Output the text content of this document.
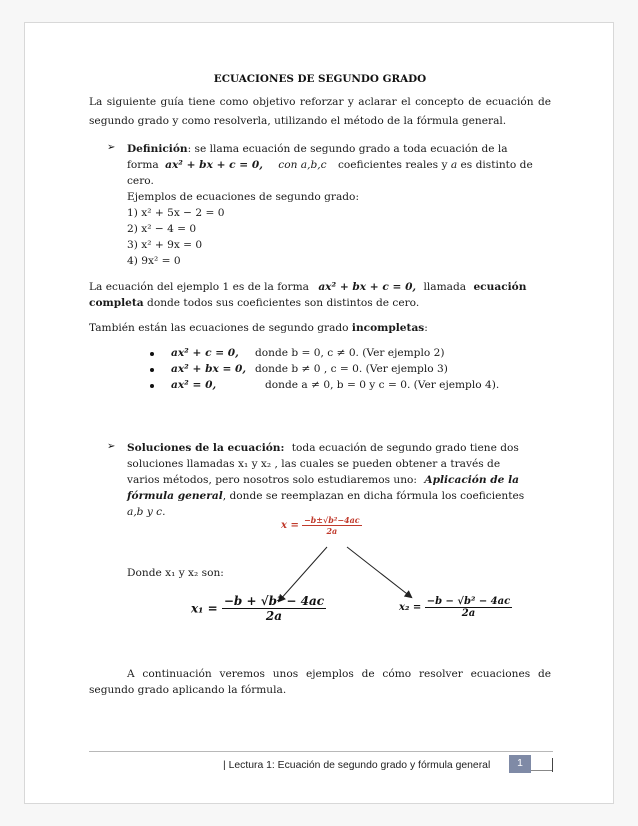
ECUACIONES DE SEGUNDO GRADO
La siguiente guía tiene como objetivo reforzar y aclarar el concepto de ecuación de
segundo grado y como resolverla, utilizando el método de la fórmula general.
➢ Definición: se llama ecuación de segundo grado a toda ecuación de la
forma ax² + bx + c = 0, con a,b,c coeficientes reales y a es distinto de
cero.
Ejemplos de ecuaciones de segundo grado:
1) x² + 5x − 2 = 0
2) x² − 4 = 0
3) x² + 9x = 0
4) 9x² = 0
La ecuación del ejemplo 1 es de la forma ax² + bx + c = 0, llamada ecuación
completa donde todos sus coeficientes son distintos de cero.
También están las ecuaciones de segundo grado incompletas:
ax² + c = 0, donde b = 0, c ≠ 0. (Ver ejemplo 2)
ax² + bx = 0, donde b ≠ 0 , c = 0. (Ver ejemplo 3)
ax² = 0,	donde a ≠ 0, b = 0 y c = 0. (Ver ejemplo 4).
➢ Soluciones de la ecuación: toda ecuación de segundo grado tiene dos
soluciones llamadas x₁ y x₂ , las cuales se pueden obtener a través de
varios métodos, pero nosotros solo estudiaremos uno: Aplicación de la
fórmula general, donde se reemplazan en dicha fórmula los coeficientes
a,b y c.
$x = \frac{\text{−b±√b²−4ac}}{2a}$
Donde x₁ y x₂ son:
$x_1 = \frac{\text{−b + √b² − 4ac}}{2a}$	$x_2 = \frac{\text{−b − √b² − 4ac}}{2a}$
A continuación veremos unos ejemplos de cómo resolver ecuaciones de
segundo grado aplicando la fórmula.
| Lectura 1: Ecuación de segundo grado y fórmula general	1
